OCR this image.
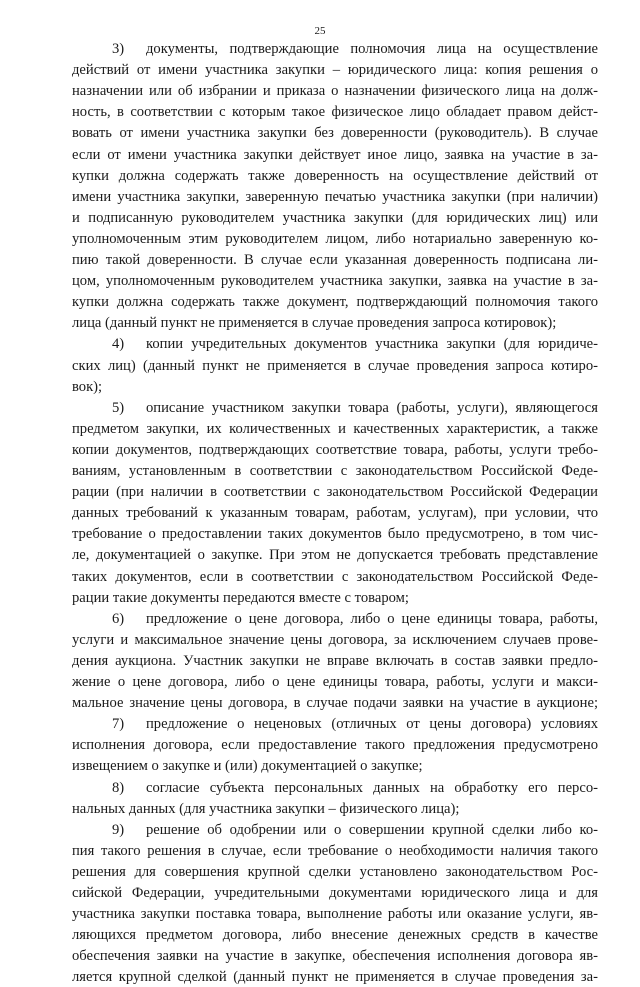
25
3) документы, подтверждающие полномочия лица на осуществление
действий от имени участника закупки – юридического лица: копия решения о
назначении или об избрании и приказа о назначении физического лица на долж-
ность, в соответствии с которым такое физическое лицо обладает правом дейст-
вовать от имени участника закупки без доверенности (руководитель). В случае
если от имени участника закупки действует иное лицо, заявка на участие в за-
купки должна содержать также доверенность на осуществление действий от
имени участника закупки, заверенную печатью участника закупки (при наличии)
и подписанную руководителем участника закупки (для юридических лиц) или
уполномоченным этим руководителем лицом, либо нотариально заверенную ко-
пию такой доверенности. В случае если указанная доверенность подписана ли-
цом, уполномоченным руководителем участника закупки, заявка на участие в за-
купки должна содержать также документ, подтверждающий полномочия такого
лица (данный пункт не применяется в случае проведения запроса котировок);
4) копии учредительных документов участника закупки (для юридиче-
ских лиц) (данный пункт не применяется в случае проведения запроса котиро-
вок);
5) описание участником закупки товара (работы, услуги), являющегося
предметом закупки, их количественных и качественных характеристик, а также
копии документов, подтверждающих соответствие товара, работы, услуги требо-
ваниям, установленным в соответствии с законодательством Российской Феде-
рации (при наличии в соответствии с законодательством Российской Федерации
данных требований к указанным товарам, работам, услугам), при условии, что
требование о предоставлении таких документов было предусмотрено, в том чис-
ле, документацией о закупке. При этом не допускается требовать представление
таких документов, если в соответствии с законодательством Российской Феде-
рации такие документы передаются вместе с товаром;
6) предложение о цене договора, либо о цене единицы товара, работы,
услуги и максимальное значение цены договора, за исключением случаев прове-
дения аукциона. Участник закупки не вправе включать в состав заявки предло-
жение о цене договора, либо о цене единицы товара, работы, услуги и макси-
мальное значение цены договора, в случае подачи заявки на участие в аукционе;
7) предложение о неценовых (отличных от цены договора) условиях
исполнения договора, если предоставление такого предложения предусмотрено
извещением о закупке и (или) документацией о закупке;
8) согласие субъекта персональных данных на обработку его персо-
нальных данных (для участника закупки – физического лица);
9) решение об одобрении или о совершении крупной сделки либо ко-
пия такого решения в случае, если требование о необходимости наличия такого
решения для совершения крупной сделки установлено законодательством Рос-
сийской Федерации, учредительными документами юридического лица и для
участника закупки поставка товара, выполнение работы или оказание услуги, яв-
ляющихся предметом договора, либо внесение денежных средств в качестве
обеспечения заявки на участие в закупке, обеспечения исполнения договора яв-
ляется крупной сделкой (данный пункт не применяется в случае проведения за-
